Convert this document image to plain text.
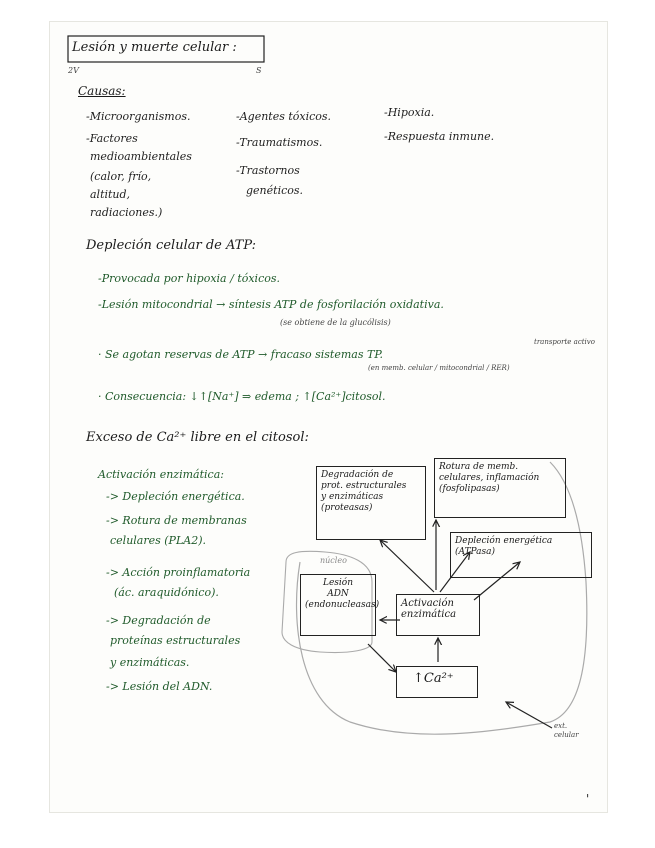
Lesión y muerte celular :
2V	S
Causas:
-Microorganismos.
-Factores
medioambientales
(calor, frío,
altitud,
radiaciones.)
-Agentes tóxicos.
-Traumatismos.
-Trastornos
genéticos.
-Hipoxia.
-Respuesta inmune.
Depleción celular de ATP:
-Provocada por hipoxia / tóxicos.
-Lesión mitocondrial → síntesis ATP de fosforilación oxidativa.
(se obtiene de la glucólisis)
· Se agotan reservas de ATP → fracaso sistemas TP.
transporte activo
(en memb. celular / mitocondrial / RER)
· Consecuencia: ↓↑[Na⁺] ⇒ edema ; ↑[Ca²⁺]citosol.
Exceso de Ca²⁺ libre en el citosol:
Activación enzimática:
-> Depleción energética.
-> Rotura de membranas
celulares (PLA2).
-> Acción proinflamatoria
(ác. araquidónico).
-> Degradación de
proteínas estructurales
y enzimáticas.
-> Lesión del ADN.
Degradación de
prot. estructurales
y enzimáticas
(proteasas)
Rotura de memb.
celulares, inflamación
(fosfolipasas)
Depleción energética
(ATPasa)
núcleo
Lesión
ADN
(endonucleasas)	Activación
enzimática
↑Ca²⁺
ext.
celular
'
